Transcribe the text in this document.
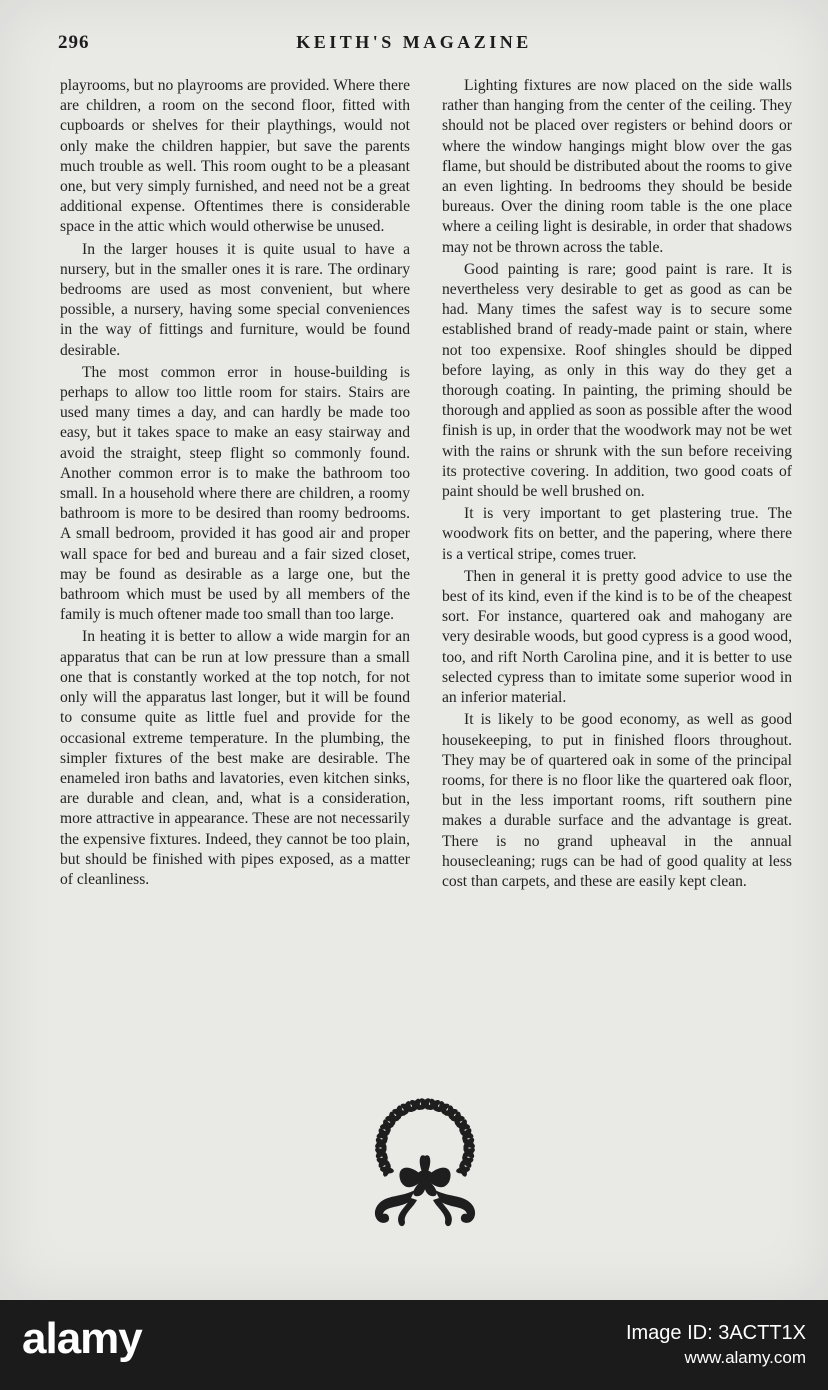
296	KEITH'S MAGAZINE

playrooms, but no playrooms are provided. Where there are children, a room on the second floor, fitted with cupboards or shelves for their playthings, would not only make the children happier, but save the parents much trouble as well. This room ought to be a pleasant one, but very simply furnished, and need not be a great additional expense. Oftentimes there is considerable space in the attic which would otherwise be unused.

In the larger houses it is quite usual to have a nursery, but in the smaller ones it is rare. The ordinary bedrooms are used as most convenient, but where possible, a nursery, having some special conveniences in the way of fittings and furniture, would be found desirable.

The most common error in house-building is perhaps to allow too little room for stairs. Stairs are used many times a day, and can hardly be made too easy, but it takes space to make an easy stairway and avoid the straight, steep flight so commonly found. Another common error is to make the bathroom too small. In a household where there are children, a roomy bathroom is more to be desired than roomy bedrooms. A small bedroom, provided it has good air and proper wall space for bed and bureau and a fair sized closet, may be found as desirable as a large one, but the bathroom which must be used by all members of the family is much oftener made too small than too large.

In heating it is better to allow a wide margin for an apparatus that can be run at low pressure than a small one that is constantly worked at the top notch, for not only will the apparatus last longer, but it will be found to consume quite as little fuel and provide for the occasional extreme temperature. In the plumbing, the simpler fixtures of the best make are desirable. The enameled iron baths and lavatories, even kitchen sinks, are durable and clean, and, what is a consideration, more attractive in appearance. These are not necessarily the expensive fixtures. Indeed, they cannot be too plain, but should be finished with pipes exposed, as a matter of cleanliness.

Lighting fixtures are now placed on the side walls rather than hanging from the center of the ceiling. They should not be placed over registers or behind doors or where the window hangings might blow over the gas flame, but should be distributed about the rooms to give an even lighting. In bedrooms they should be beside bureaus. Over the dining room table is the one place where a ceiling light is desirable, in order that shadows may not be thrown across the table.

Good painting is rare; good paint is rare. It is nevertheless very desirable to get as good as can be had. Many times the safest way is to secure some established brand of ready-made paint or stain, where not too expensixe. Roof shingles should be dipped before laying, as only in this way do they get a thorough coating. In painting, the priming should be thorough and applied as soon as possible after the wood finish is up, in order that the woodwork may not be wet with the rains or shrunk with the sun before receiving its protective covering. In addition, two good coats of paint should be well brushed on.

It is very important to get plastering true. The woodwork fits on better, and the papering, where there is a vertical stripe, comes truer.

Then in general it is pretty good advice to use the best of its kind, even if the kind is to be of the cheapest sort. For instance, quartered oak and mahogany are very desirable woods, but good cypress is a good wood, too, and rift North Carolina pine, and it is better to use selected cypress than to imitate some superior wood in an inferior material.

It is likely to be good economy, as well as good housekeeping, to put in finished floors throughout. They may be of quartered oak in some of the principal rooms, for there is no floor like the quartered oak floor, but in the less important rooms, rift southern pine makes a durable surface and the advantage is great. There is no grand upheaval in the annual housecleaning; rugs can be had of good quality at less cost than carpets, and these are easily kept clean.

alamy	Image ID: 3ACTT1X
www.alamy.com
